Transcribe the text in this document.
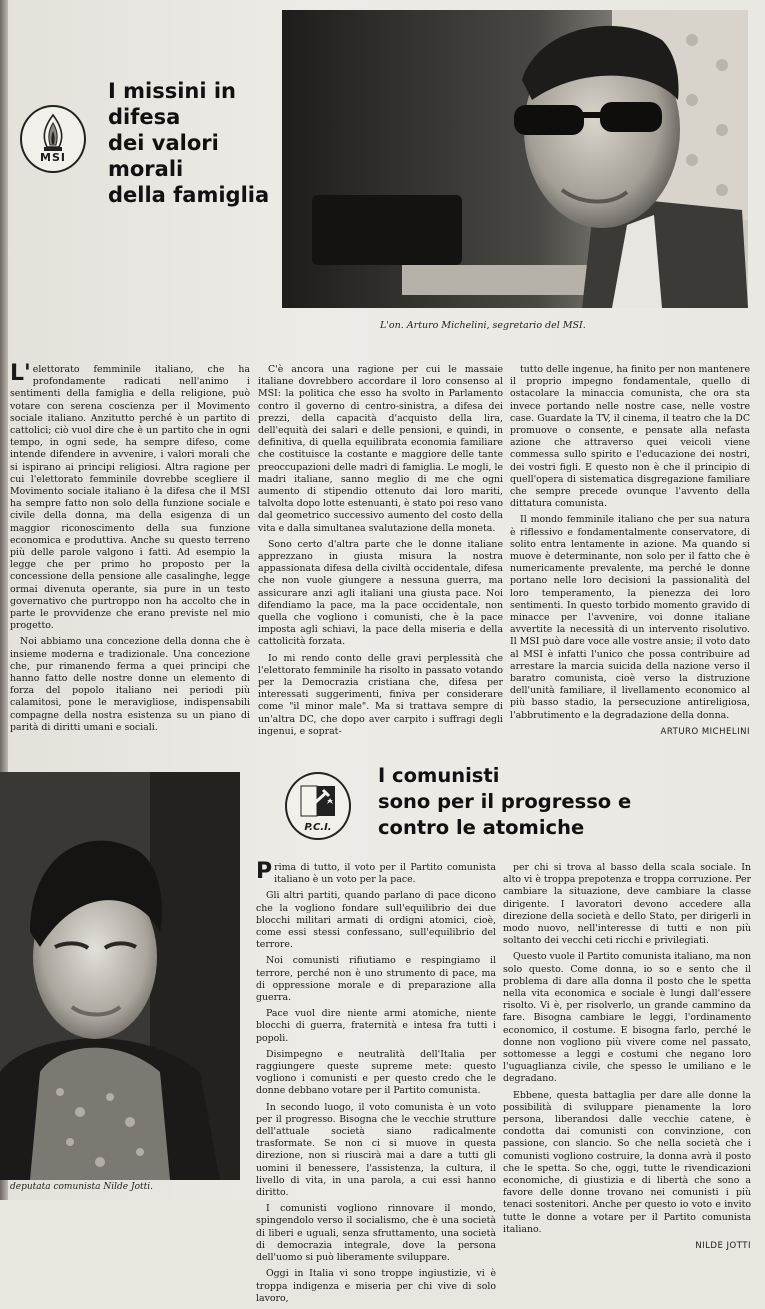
MSI
I missini in
difesa
dei valori
morali
della famiglia
L'on. Arturo Michelini, segretario del MSI.

L'elettorato femminile italiano, che ha profondamente radicati nell'animo i sentimenti della famiglia e della religione, può votare con serena coscienza per il Movimento sociale italiano. Anzitutto perché è un partito di cattolici; ciò vuol dire che è un partito che in ogni tempo, in ogni sede, ha sempre difeso, come intende difendere in avvenire, i valori morali che si ispirano ai principi religiosi. Altra ragione per cui l'elettorato femminile dovrebbe scegliere il Movimento sociale italiano è la difesa che il MSI ha sempre fatto non solo della funzione sociale e civile della donna, ma della esigenza di un maggior riconoscimento della sua funzione economica e produttiva. Anche su questo terreno più delle parole valgono i fatti. Ad esempio la legge che per primo ho proposto per la concessione della pensione alle casalinghe, legge ormai divenuta operante, sia pure in un testo governativo che purtroppo non ha accolto che in parte le provvidenze che erano previste nel mio progetto.

Noi abbiamo una concezione della donna che è insieme moderna e tradizionale. Una concezione che, pur rimanendo ferma a quei principi che hanno fatto delle nostre donne un elemento di forza del popolo italiano nei periodi più calamitosi, pone le meravigliose, indispensabili compagne della nostra esistenza su un piano di parità di diritti umani e sociali.

C'è ancora una ragione per cui le massaie italiane dovrebbero accordare il loro consenso al MSI: la politica che esso ha svolto in Parlamento contro il governo di centro-sinistra, a difesa dei prezzi, della capacità d'acquisto della lira, dell'equità dei salari e delle pensioni, e quindi, in definitiva, di quella equilibrata economia familiare che costituisce la costante e maggiore delle tante preoccupazioni delle madri di famiglia. Le mogli, le madri italiane, sanno meglio di me che ogni aumento di stipendio ottenuto dai loro mariti, talvolta dopo lotte estenuanti, è stato poi reso vano dal geometrico successivo aumento del costo della vita e dalla simultanea svalutazione della moneta.

Sono certo d'altra parte che le donne italiane apprezzano in giusta misura la nostra appassionata difesa della civiltà occidentale, difesa che non vuole giungere a nessuna guerra, ma assicurare anzi agli italiani una giusta pace. Noi difendiamo la pace, ma la pace occidentale, non quella che vogliono i comunisti, che è la pace imposta agli schiavi, la pace della miseria e della cattolicità forzata.

Io mi rendo conto delle gravi perplessità che l'elettorato femminile ha risolto in passato votando per la Democrazia cristiana che, difesa per interessati suggerimenti, finiva per considerare come "il minor male". Ma si trattava sempre di un'altra DC, che dopo aver carpito i suffragi degli ingenui, e soprat-

tutto delle ingenue, ha finito per non mantenere il proprio impegno fondamentale, quello di ostacolare la minaccia comunista, che ora sta invece portando nelle nostre case, nelle vostre case. Guardate la TV, il cinema, il teatro che la DC promuove o consente, e pensate alla nefasta azione che attraverso quei veicoli viene commessa sullo spirito e l'educazione dei nostri, dei vostri figli. E questo non è che il principio di quell'opera di sistematica disgregazione familiare che sempre precede ovunque l'avvento della dittatura comunista.

Il mondo femminile italiano che per sua natura è riflessivo e fondamentalmente conservatore, di solito entra lentamente in azione. Ma quando si muove è determinante, non solo per il fatto che è numericamente prevalente, ma perché le donne portano nelle loro decisioni la passionalità del loro temperamento, la pienezza dei loro sentimenti. In questo torbido momento gravido di minacce per l'avvenire, voi donne italiane avvertite la necessità di un intervento risolutivo. Il MSI può dare voce alle vostre ansie; il voto dato al MSI è infatti l'unico che possa contribuire ad arrestare la marcia suicida della nazione verso il baratro comunista, cioè verso la distruzione dell'unità familiare, il livellamento economico al più basso stadio, la persecuzione antireligiosa, l'abbrutimento e la degradazione della donna.

ARTURO MICHELINI
deputata comunista Nilde Jotti.
P.C.I.
I comunisti
sono per il progresso e
contro le atomiche

Prima di tutto, il voto per il Partito comunista italiano è un voto per la pace.

Gli altri partiti, quando parlano di pace dicono che la vogliono fondare sull'equilibrio dei due blocchi militari armati di ordigni atomici, cioè, come essi stessi confessano, sull'equilibrio del terrore.

Noi comunisti rifiutiamo e respingiamo il terrore, perché non è uno strumento di pace, ma di oppressione morale e di preparazione alla guerra.

Pace vuol dire niente armi atomiche, niente blocchi di guerra, fraternità e intesa fra tutti i popoli.

Disimpegno e neutralità dell'Italia per raggiungere queste supreme mete: questo vogliono i comunisti e per questo credo che le donne debbano votare per il Partito comunista.

In secondo luogo, il voto comunista è un voto per il progresso. Bisogna che le vecchie strutture dell'attuale società siano radicalmente trasformate. Se non ci si muove in questa direzione, non si riuscirà mai a dare a tutti gli uomini il benessere, l'assistenza, la cultura, il livello di vita, in una parola, a cui essi hanno diritto.

I comunisti vogliono rinnovare il mondo, spingendolo verso il socialismo, che è una società di liberi e uguali, senza sfruttamento, una società di democrazia integrale, dove la persona dell'uomo si può liberamente sviluppare.

Oggi in Italia vi sono troppe ingiustizie, vi è troppa indigenza e miseria per chi vive di solo lavoro,

per chi si trova al basso della scala sociale. In alto vi è troppa prepotenza e troppa corruzione. Per cambiare la situazione, deve cambiare la classe dirigente. I lavoratori devono accedere alla direzione della società e dello Stato, per dirigerli in modo nuovo, nell'interesse di tutti e non più soltanto dei vecchi ceti ricchi e privilegiati.

Questo vuole il Partito comunista italiano, ma non solo questo. Come donna, io so e sento che il problema di dare alla donna il posto che le spetta nella vita economica e sociale è lungi dall'essere risolto. Vi è, per risolverlo, un grande cammino da fare. Bisogna cambiare le leggi, l'ordinamento economico, il costume. E bisogna farlo, perché le donne non vogliono più vivere come nel passato, sottomesse a leggi e costumi che negano loro l'uguaglianza civile, che spesso le umiliano e le degradano.

Ebbene, questa battaglia per dare alle donne la possibilità di sviluppare pienamente la loro persona, liberandosi dalle vecchie catene, è condotta dai comunisti con convinzione, con passione, con slancio. So che nella società che i comunisti vogliono costruire, la donna avrà il posto che le spetta. So che, oggi, tutte le rivendicazioni economiche, di giustizia e di libertà che sono a favore delle donne trovano nei comunisti i più tenaci sostenitori. Anche per questo io voto e invito tutte le donne a votare per il Partito comunista italiano.

NILDE JOTTI
